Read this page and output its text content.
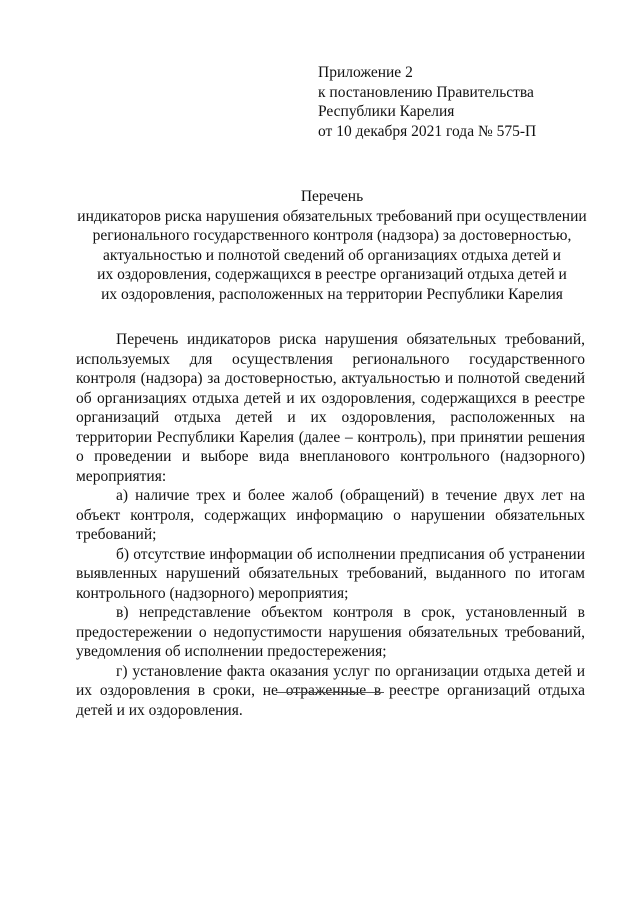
Приложение 2
к постановлению Правительства
Республики Карелия
от 10 декабря 2021 года № 575-П
Перечень
индикаторов риска нарушения обязательных требований при осуществлении
регионального государственного контроля (надзора) за достоверностью,
актуальностью и полнотой сведений об организациях отдыха детей и
их оздоровления, содержащихся в реестре организаций отдыха детей и
их оздоровления, расположенных на территории Республики Карелия

Перечень индикаторов риска нарушения обязательных требований, используемых для осуществления регионального государственного контроля (надзора) за достоверностью, актуальностью и полнотой сведений об организациях отдыха детей и их оздоровления, содержащихся в реестре организаций отдыха детей и их оздоровления, расположенных на территории Республики Карелия (далее – контроль), при принятии решения о проведении и выборе вида внепланового контрольного (надзорного) мероприятия:

а) наличие трех и более жалоб (обращений) в течение двух лет на объект контроля, содержащих информацию о нарушении обязательных требований;

б) отсутствие информации об исполнении предписания об устранении выявленных нарушений обязательных требований, выданного по итогам контрольного (надзорного) мероприятия;

в) непредставление объектом контроля в срок, установленный в предостережении о недопустимости нарушения обязательных требований, уведомления об исполнении предостережения;

г) установление факта оказания услуг по организации отдыха детей и их оздоровления в сроки, не отраженные в реестре организаций отдыха детей и их оздоровления.
